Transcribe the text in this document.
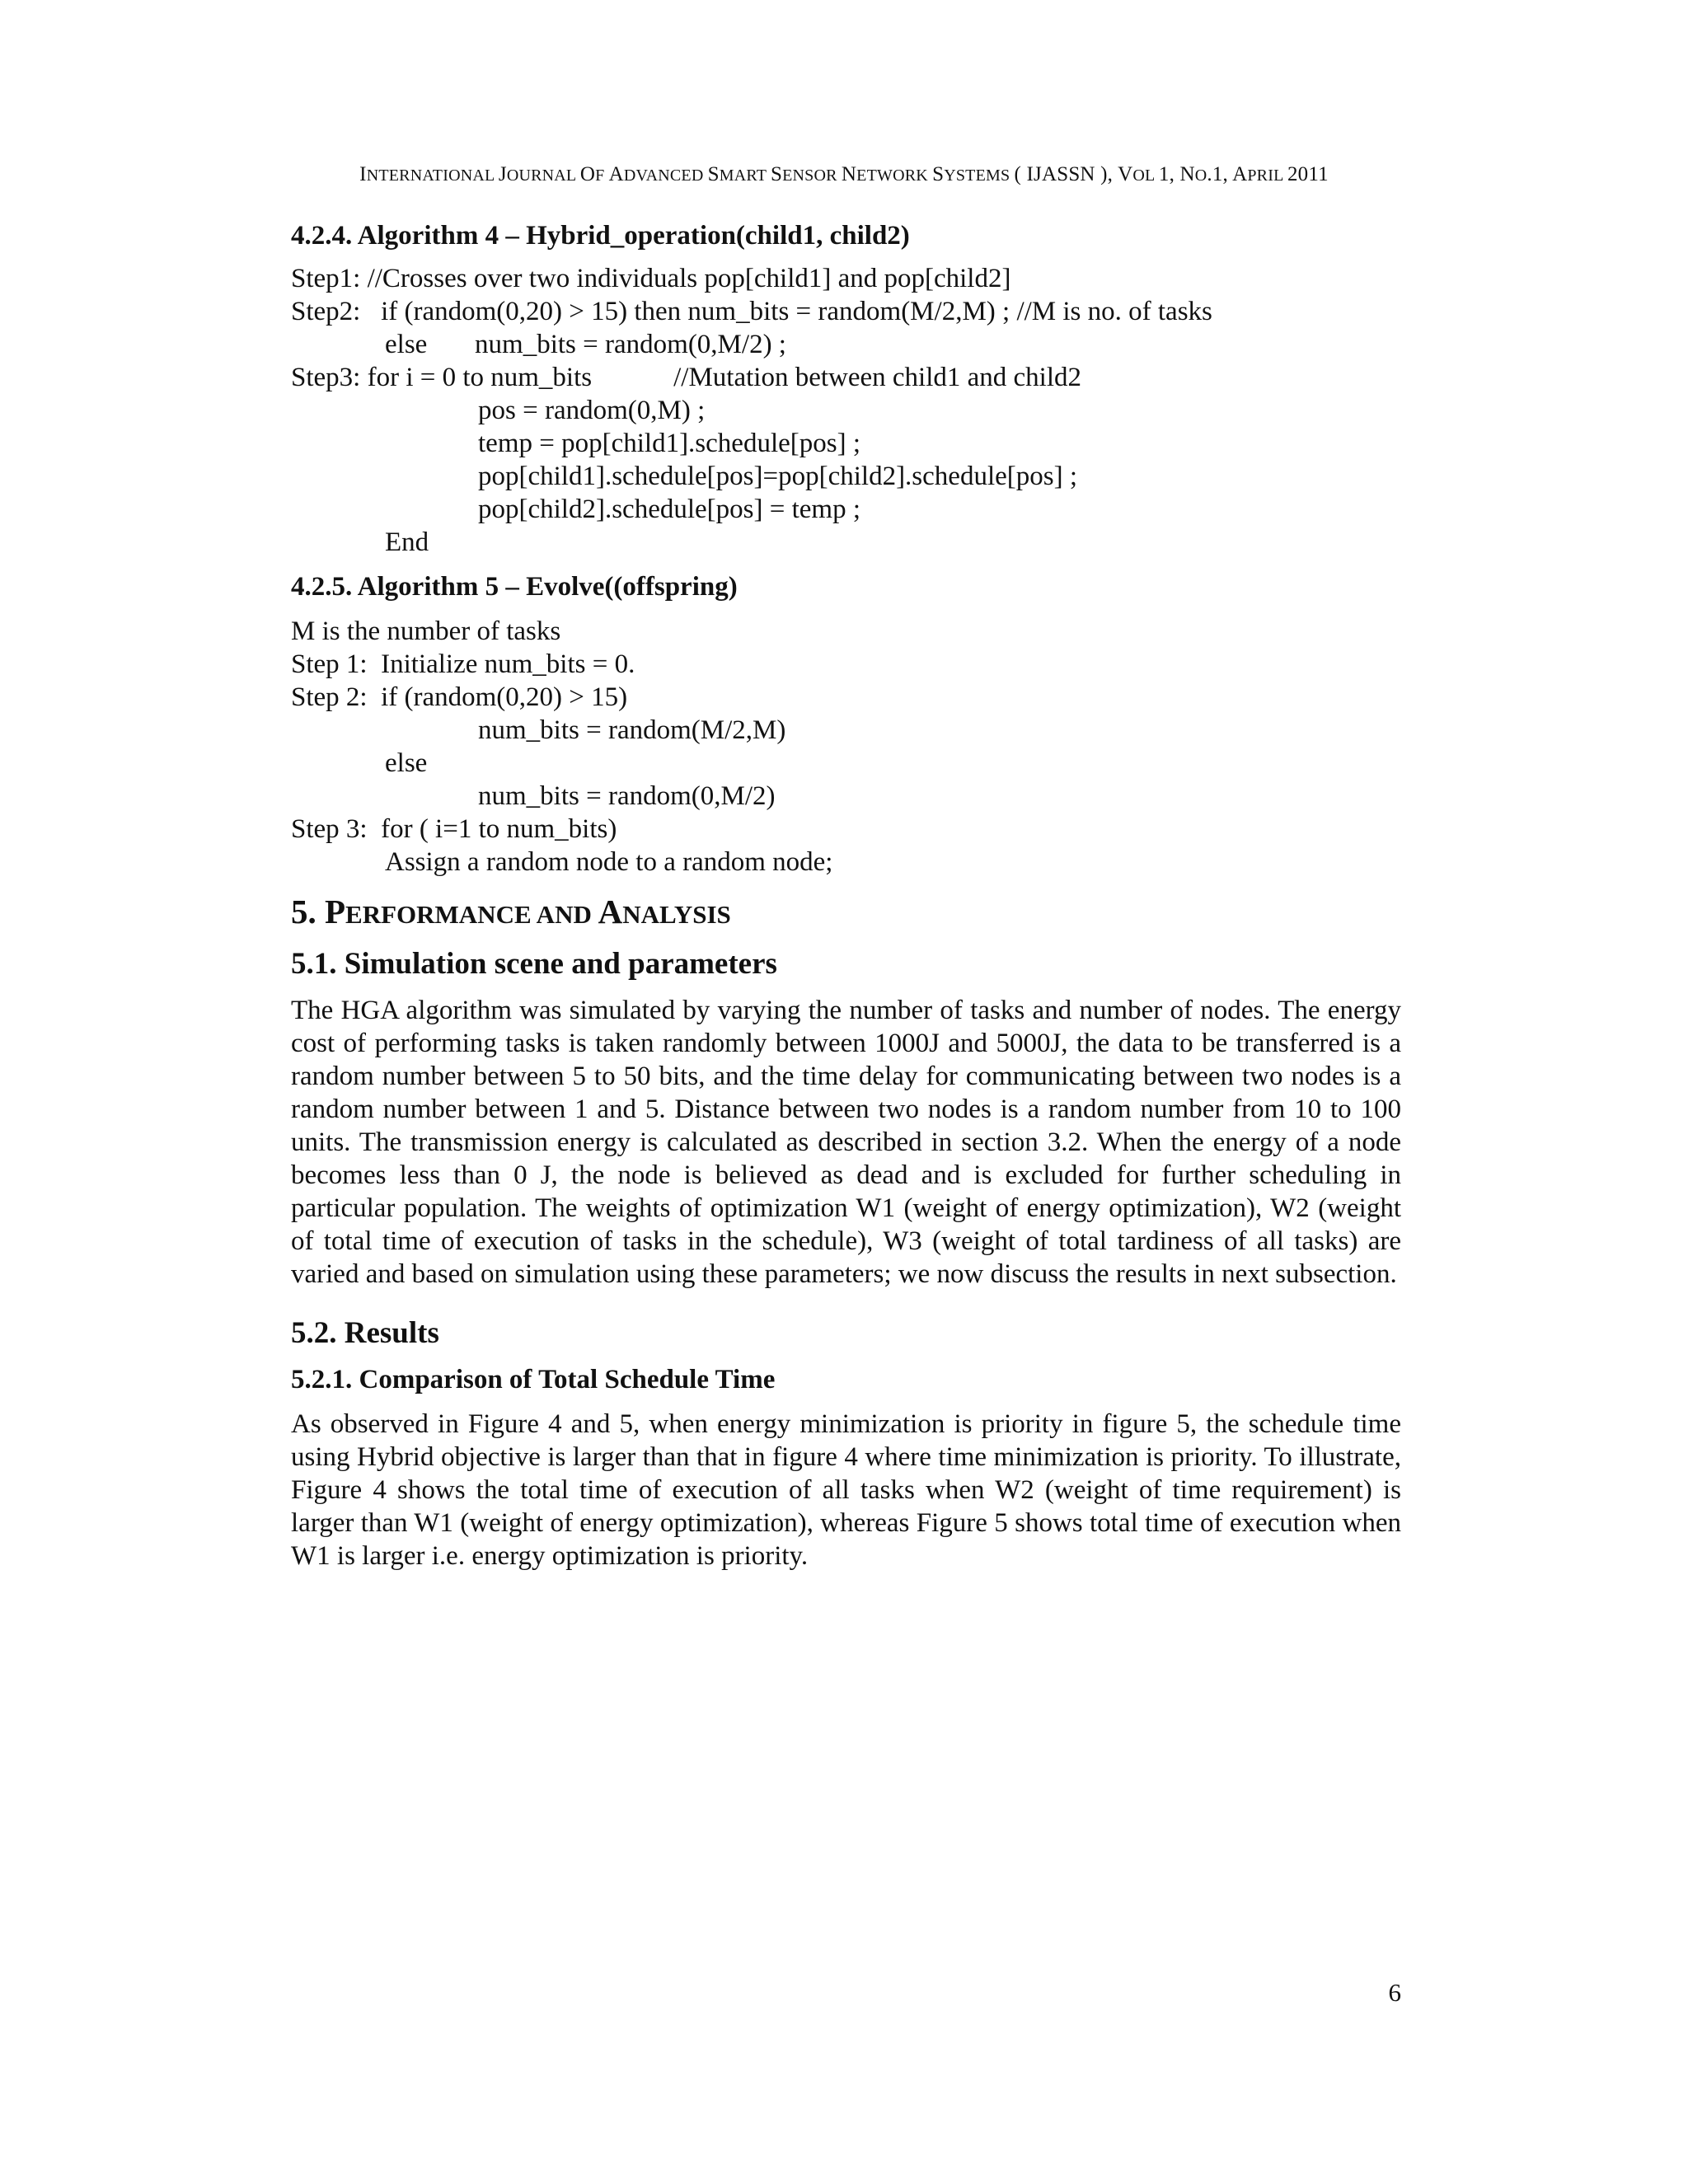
INTERNATIONAL JOURNAL OF ADVANCED SMART SENSOR NETWORK SYSTEMS ( IJASSN ), VOL 1, NO.1, APRIL 2011
4.2.4. Algorithm 4 – Hybrid_operation(child1, child2)
Step1: //Crosses over two individuals pop[child1] and pop[child2]
Step2:   if (random(0,20) > 15) then num_bits = random(M/2,M) ; //M is no. of tasks
else       num_bits = random(0,M/2) ;
Step3: for i = 0 to num_bits            //Mutation between child1 and child2
pos = random(0,M) ;
temp = pop[child1].schedule[pos] ;
pop[child1].schedule[pos]=pop[child2].schedule[pos] ;
pop[child2].schedule[pos] = temp ;
End
4.2.5. Algorithm 5 – Evolve((offspring)
M is the number of tasks
Step 1:  Initialize num_bits = 0.
Step 2:  if (random(0,20) > 15)
num_bits = random(M/2,M)
else
num_bits = random(0,M/2)
Step 3:  for ( i=1 to num_bits)
Assign a random node to a random node;
5. PERFORMANCE AND ANALYSIS
5.1. Simulation scene and parameters

The HGA algorithm was simulated by varying the number of tasks and number of nodes. The energy cost of performing tasks is taken randomly between 1000J and 5000J, the data to be transferred is a random number between 5 to 50 bits, and the time delay for communicating between two nodes is a random number between 1 and 5. Distance between two nodes is a random number from 10 to 100 units. The transmission energy is calculated as described in section 3.2. When the energy of a node becomes less than 0 J, the node is believed as dead and is excluded for further scheduling in particular population. The weights of optimization W1 (weight of energy optimization), W2 (weight of total time of execution of tasks in the schedule), W3 (weight of total tardiness of all tasks) are varied and based on simulation using these parameters; we now discuss the results in next subsection.

5.2. Results
5.2.1. Comparison of Total Schedule Time

As observed in Figure 4 and 5, when energy minimization is priority in figure 5, the schedule time using Hybrid objective is larger than that in figure 4 where time minimization is priority. To illustrate, Figure 4 shows the total time of execution of all tasks when W2 (weight of time requirement) is larger than W1 (weight of energy optimization), whereas Figure 5 shows total time of execution when W1 is larger i.e. energy optimization is priority.

6
